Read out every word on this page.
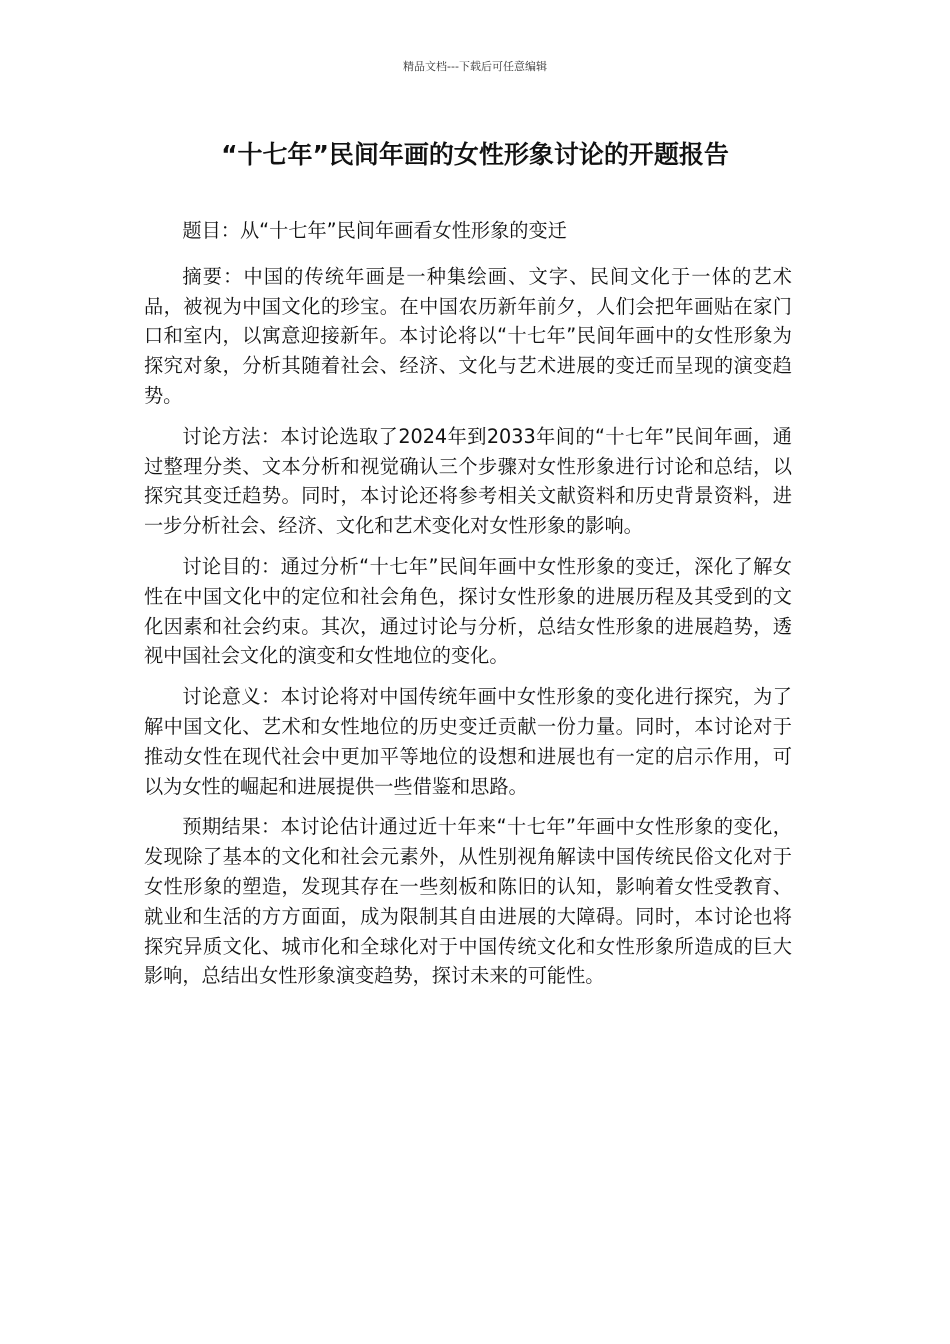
精品文档---下载后可任意编辑
“十七年”民间年画的女性形象讨论的开题报告

题目：从“十七年”民间年画看女性形象的变迁

摘要：中国的传统年画是一种集绘画、文字、民间文化于一体的艺术品，被视为中国文化的珍宝。在中国农历新年前夕，人们会把年画贴在家门口和室内，以寓意迎接新年。本讨论将以“十七年”民间年画中的女性形象为探究对象，分析其随着社会、经济、文化与艺术进展的变迁而呈现的演变趋势。

讨论方法：本讨论选取了2024年到2033年间的“十七年”民间年画，通过整理分类、文本分析和视觉确认三个步骤对女性形象进行讨论和总结，以探究其变迁趋势。同时，本讨论还将参考相关文献资料和历史背景资料，进一步分析社会、经济、文化和艺术变化对女性形象的影响。

讨论目的：通过分析“十七年”民间年画中女性形象的变迁，深化了解女性在中国文化中的定位和社会角色，探讨女性形象的进展历程及其受到的文化因素和社会约束。其次，通过讨论与分析，总结女性形象的进展趋势，透视中国社会文化的演变和女性地位的变化。

讨论意义：本讨论将对中国传统年画中女性形象的变化进行探究，为了解中国文化、艺术和女性地位的历史变迁贡献一份力量。同时，本讨论对于推动女性在现代社会中更加平等地位的设想和进展也有一定的启示作用，可以为女性的崛起和进展提供一些借鉴和思路。

预期结果：本讨论估计通过近十年来“十七年”年画中女性形象的变化，发现除了基本的文化和社会元素外，从性别视角解读中国传统民俗文化对于女性形象的塑造，发现其存在一些刻板和陈旧的认知，影响着女性受教育、就业和生活的方方面面，成为限制其自由进展的大障碍。同时，本讨论也将探究异质文化、城市化和全球化对于中国传统文化和女性形象所造成的巨大影响，总结出女性形象演变趋势，探讨未来的可能性。
